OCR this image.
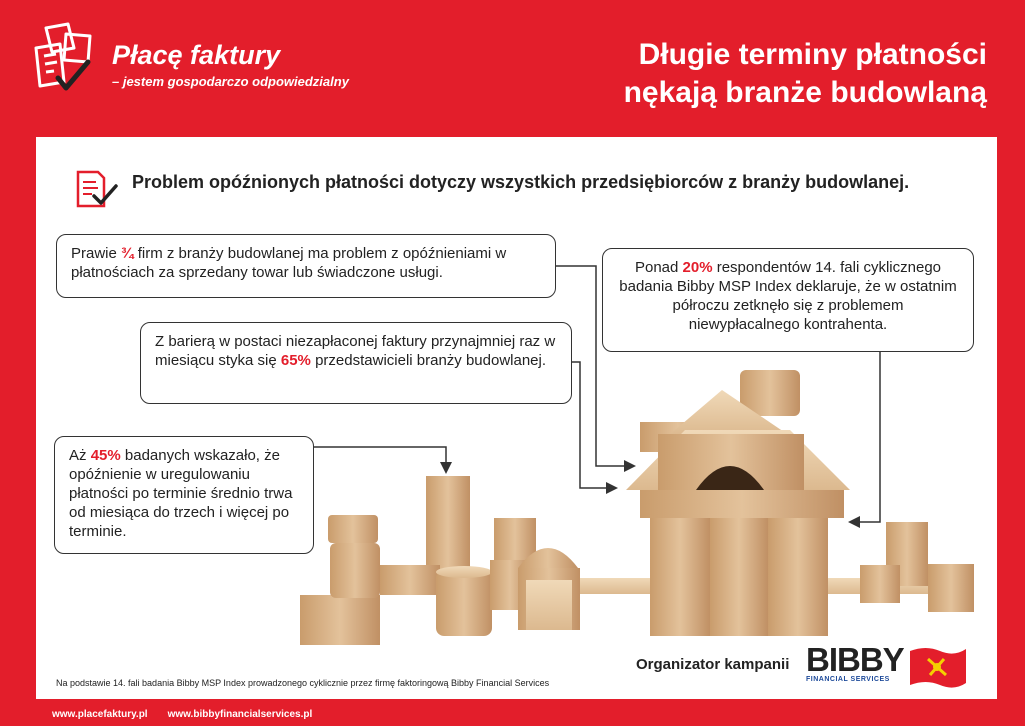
Płacę faktury
– jestem gospodarczo odpowiedzialny
Długie terminy płatności
nękają branże budowlaną
Problem opóźnionych płatności dotyczy wszystkich przedsiębiorców z branży budowlanej.
Prawie ¾ firm z branży budowlanej ma problem z opóźnieniami w płatnościach za sprzedany towar lub świadczone usługi.
Z barierą w postaci niezapłaconej faktury przynajmniej raz w miesiącu styka się 65% przedstawicieli branży budowlanej.
Aż 45% badanych wskazało, że opóźnienie w uregulowaniu płatności po terminie średnio trwa od miesiąca do trzech i więcej po terminie.
Ponad 20% respondentów 14. fali cyklicznego badania Bibby MSP Index deklaruje, że w ostatnim półroczu zetknęło się z problemem niewypłacalnego kontrahenta.
Na podstawie 14. fali badania Bibby MSP Index prowadzonego cyklicznie przez firmę faktoringową Bibby Financial Services
Organizator kampanii BIBBY
FINANCIAL SERVICES
www.placefaktury.pl www.bibbyfinancialservices.pl
